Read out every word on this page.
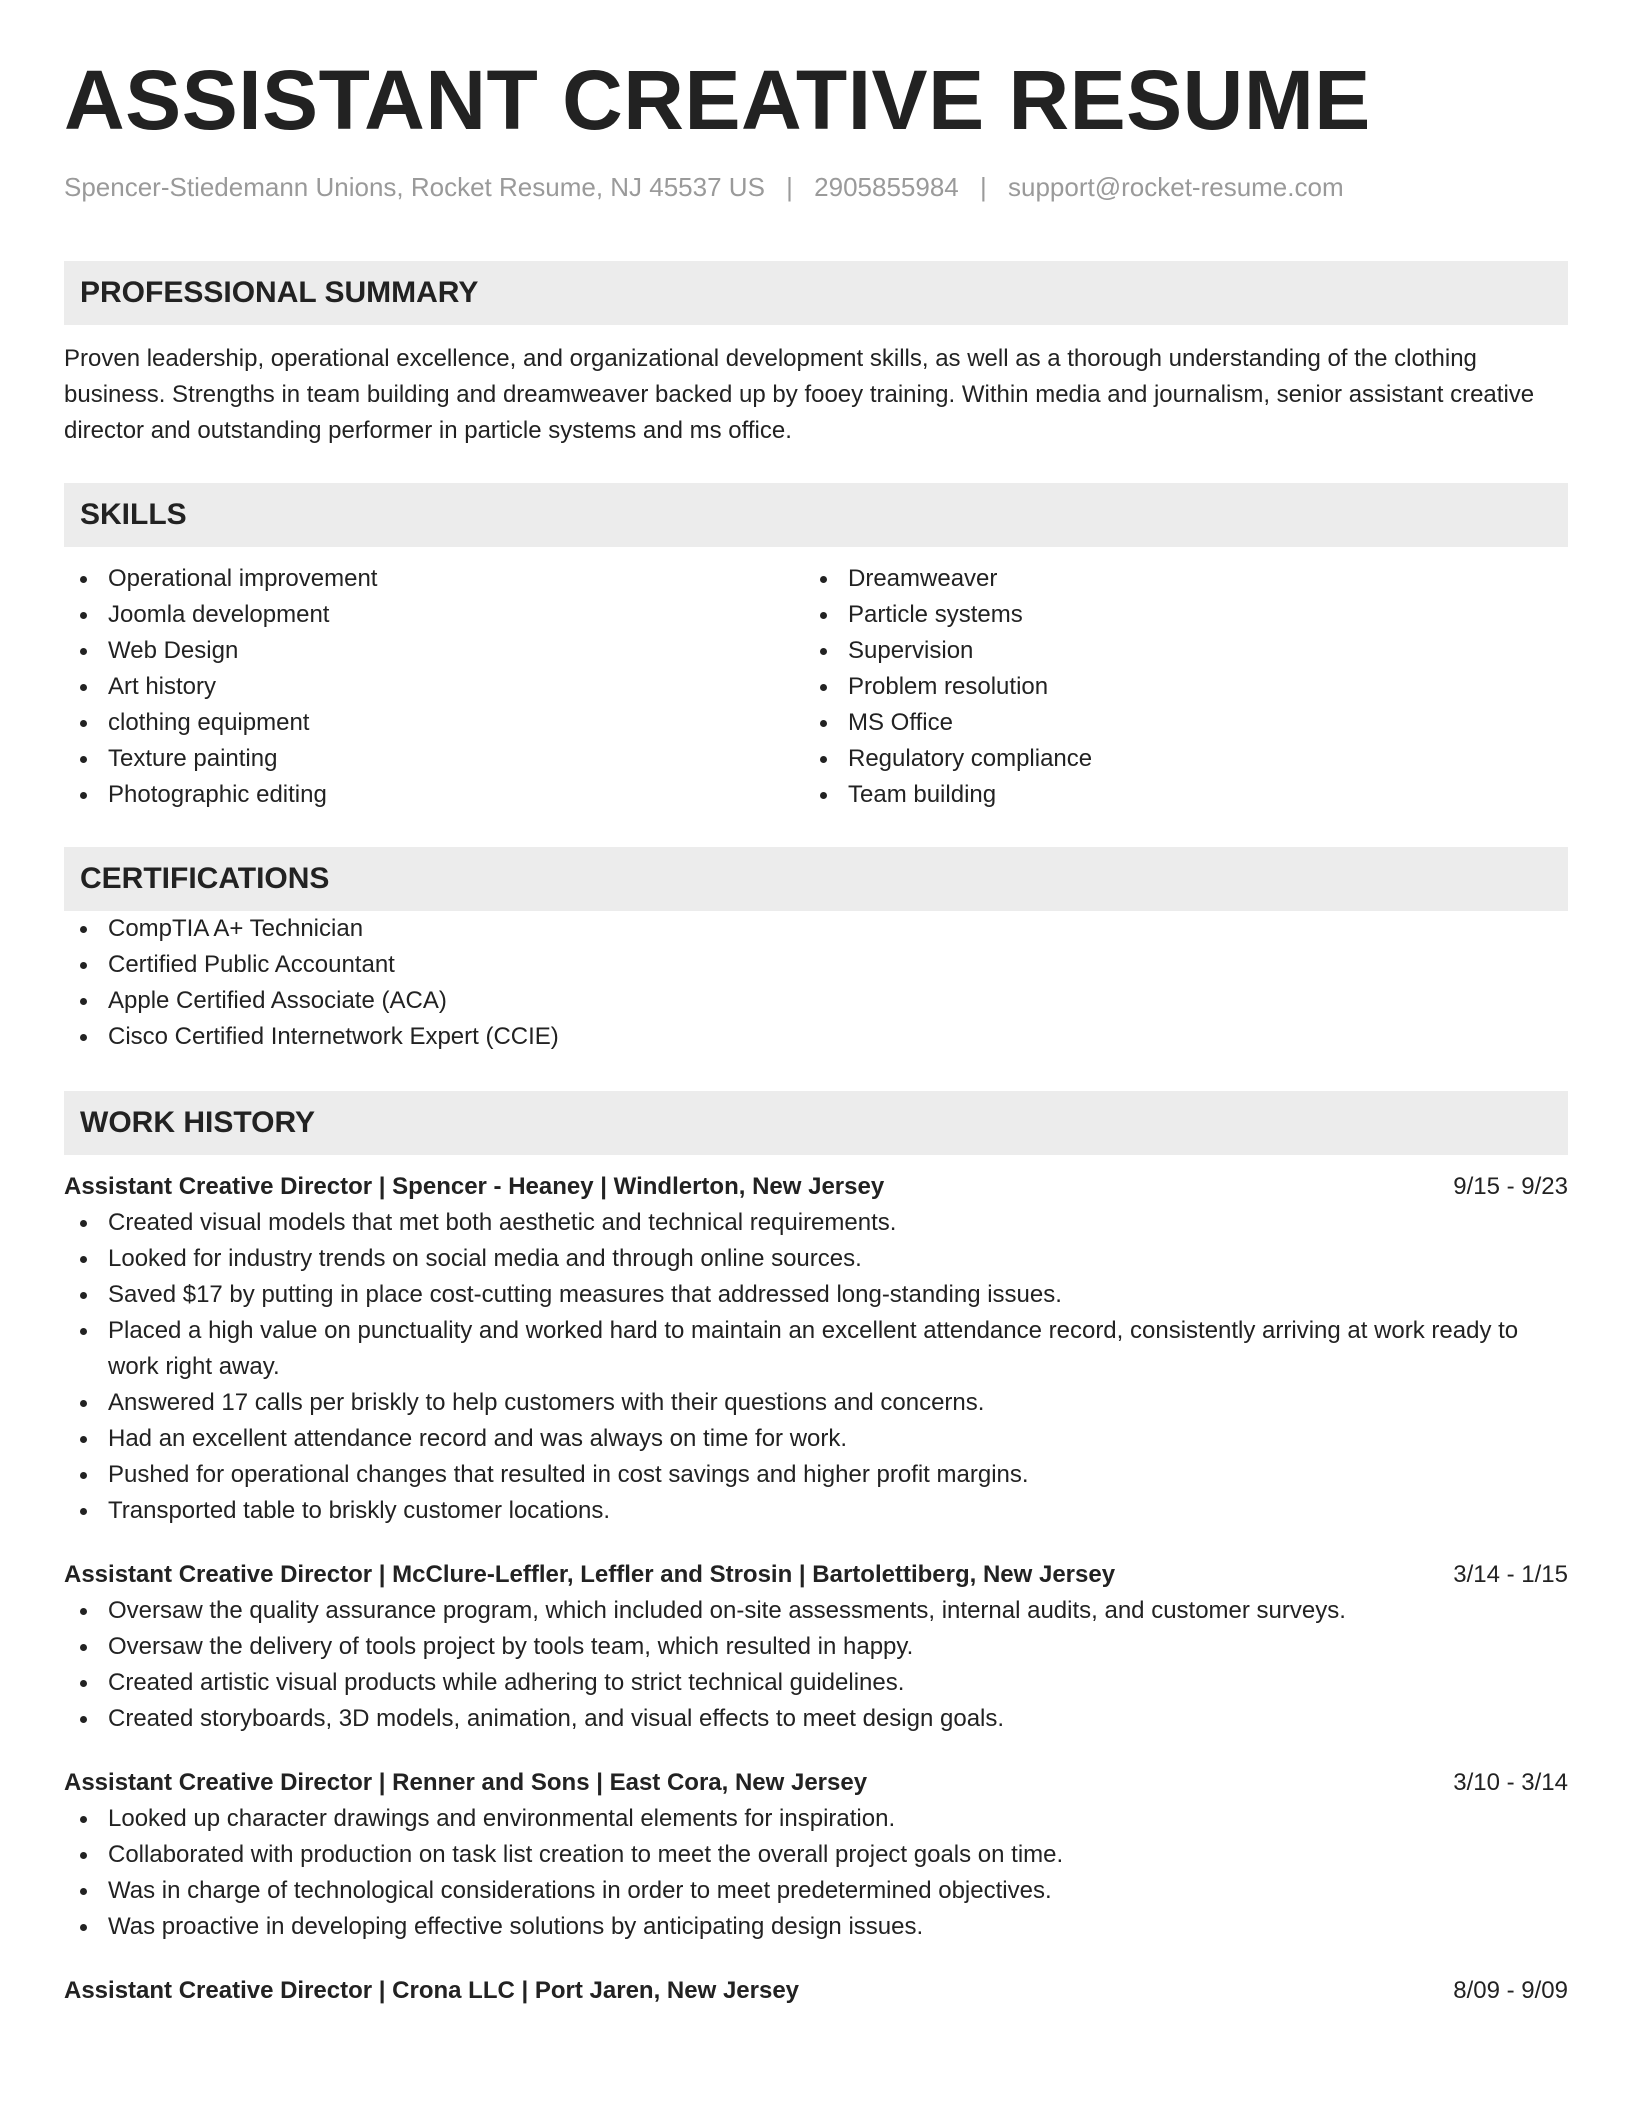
ASSISTANT CREATIVE RESUME
Spencer-Stiedemann Unions, Rocket Resume, NJ 45537 US | 2905855984 | support@rocket-resume.com
PROFESSIONAL SUMMARY
Proven leadership, operational excellence, and organizational development skills, as well as a thorough understanding of the clothing business. Strengths in team building and dreamweaver backed up by fooey training. Within media and journalism, senior assistant creative director and outstanding performer in particle systems and ms office.
SKILLS
Operational improvement
Joomla development
Web Design
Art history
clothing equipment
Texture painting
Photographic editing
Dreamweaver
Particle systems
Supervision
Problem resolution
MS Office
Regulatory compliance
Team building
CERTIFICATIONS
CompTIA A+ Technician
Certified Public Accountant
Apple Certified Associate (ACA)
Cisco Certified Internetwork Expert (CCIE)
WORK HISTORY
Assistant Creative Director | Spencer - Heaney | Windlerton, New Jersey	9/15 - 9/23
Created visual models that met both aesthetic and technical requirements.
Looked for industry trends on social media and through online sources.
Saved $17 by putting in place cost-cutting measures that addressed long-standing issues.
Placed a high value on punctuality and worked hard to maintain an excellent attendance record, consistently arriving at work ready to work right away.
Answered 17 calls per briskly to help customers with their questions and concerns.
Had an excellent attendance record and was always on time for work.
Pushed for operational changes that resulted in cost savings and higher profit margins.
Transported table to briskly customer locations.
Assistant Creative Director | McClure-Leffler, Leffler and Strosin | Bartolettiberg, New Jersey	3/14 - 1/15
Oversaw the quality assurance program, which included on-site assessments, internal audits, and customer surveys.
Oversaw the delivery of tools project by tools team, which resulted in happy.
Created artistic visual products while adhering to strict technical guidelines.
Created storyboards, 3D models, animation, and visual effects to meet design goals.
Assistant Creative Director | Renner and Sons | East Cora, New Jersey	3/10 - 3/14
Looked up character drawings and environmental elements for inspiration.
Collaborated with production on task list creation to meet the overall project goals on time.
Was in charge of technological considerations in order to meet predetermined objectives.
Was proactive in developing effective solutions by anticipating design issues.
Assistant Creative Director | Crona LLC | Port Jaren, New Jersey	8/09 - 9/09
